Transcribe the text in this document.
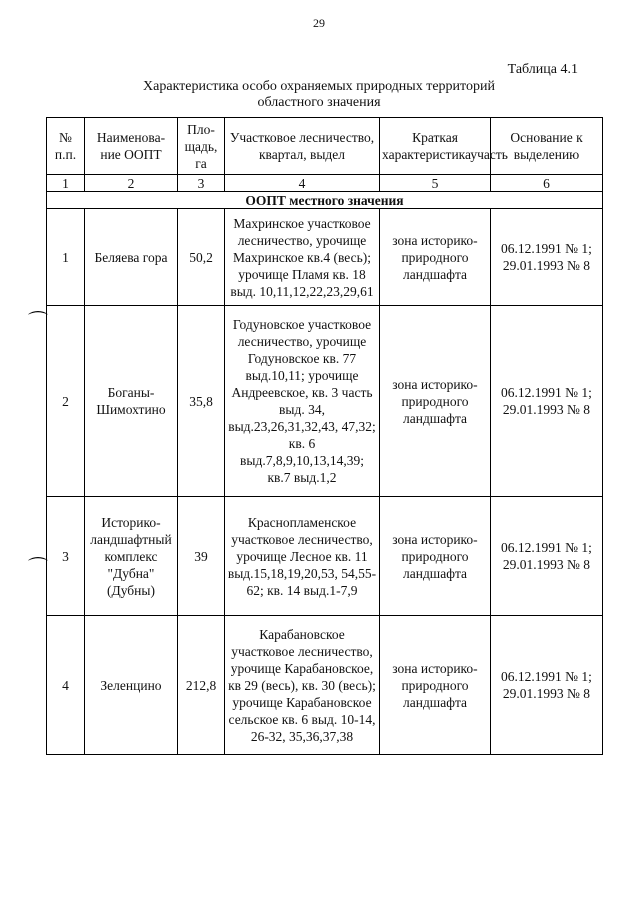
29
Таблица 4.1
Характеристика особо охраняемых природных территорий
областного значения
№ п.п.	Наименова-ние ООПТ	Пло-щадь, га	Участковое лесничество, квартал, выдел	Краткая характеристикаучасть	Основание к выделению
1	2	3	4	5	6
ООПТ местного значения					
1	Беляева гора	50,2	Махринское участковое лесничество, урочище Махринское кв.4 (весь); урочище Пламя кв. 18 выд. 10,11,12,22,23,29,61	зона историко-природного ландшафта	06.12.1991 № 1; 29.01.1993 № 8
2	Боганы-Шимохтино	35,8	Годуновское участковое лесничество, урочище Годуновское кв. 77 выд.10,11; урочище Андреевское, кв. 3 часть выд. 34, выд.23,26,31,32,43, 47,32; кв. 6 выд.7,8,9,10,13,14,39; кв.7 выд.1,2	зона историко-природного ландшафта	06.12.1991 № 1; 29.01.1993 № 8
3	Историко-ландшафтный комплекс "Дубна" (Дубны)	39	Краснопламенское участковое лесничество, урочище Лесное кв. 11 выд.15,18,19,20,53, 54,55-62; кв. 14 выд.1-7,9	зона историко-природного ландшафта	06.12.1991 № 1; 29.01.1993 № 8
4	Зеленцино	212,8	Карабановское участковое лесничество, урочище Карабановское, кв 29 (весь), кв. 30 (весь); урочище Карабановское сельское кв. 6 выд. 10-14, 26-32, 35,36,37,38	зона историко-природного ландшафта	06.12.1991 № 1; 29.01.1993 № 8
⌒
⌒
